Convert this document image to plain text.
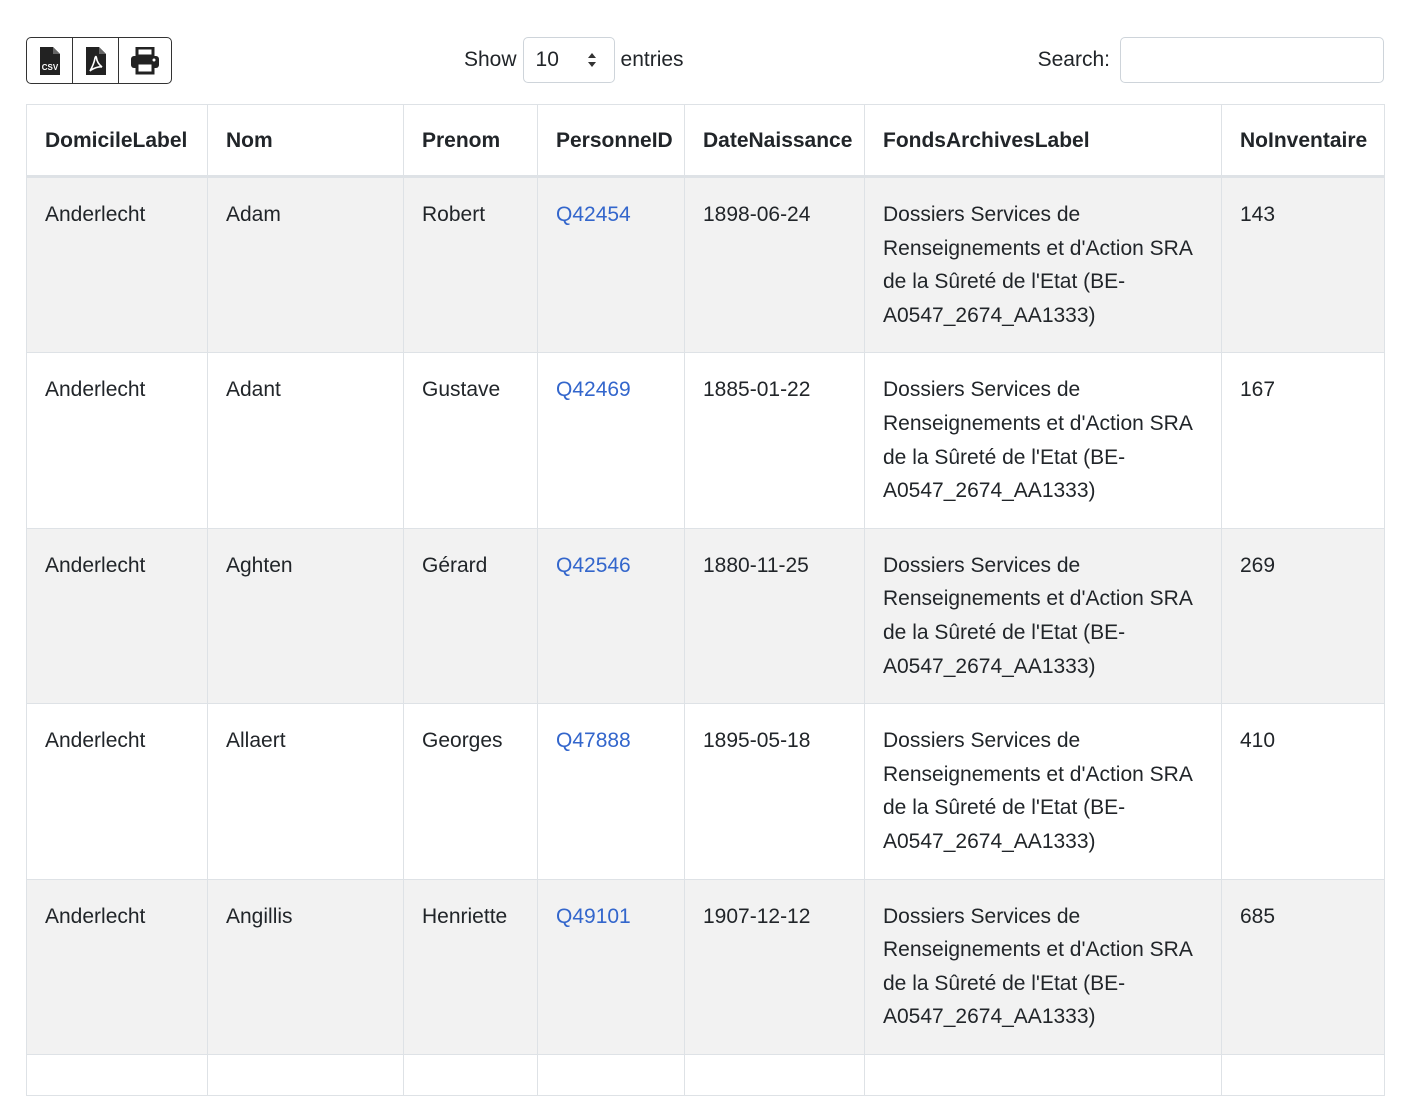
CSV	Show 10	entries	Search:
DomicileLabel	Nom	Prenom	PersonneID	DateNaissance	FondsArchivesLabel	NoInventaire
Anderlecht	Adam	Robert	Q42454	1898-06-24	Dossiers Services de Renseignements et d'Action SRA de la Sûreté de l'Etat (BE-A0547_2674_AA1333)	143
Anderlecht	Adant	Gustave	Q42469	1885-01-22	Dossiers Services de Renseignements et d'Action SRA de la Sûreté de l'Etat (BE-A0547_2674_AA1333)	167
Anderlecht	Aghten	Gérard	Q42546	1880-11-25	Dossiers Services de Renseignements et d'Action SRA de la Sûreté de l'Etat (BE-A0547_2674_AA1333)	269
Anderlecht	Allaert	Georges	Q47888	1895-05-18	Dossiers Services de Renseignements et d'Action SRA de la Sûreté de l'Etat (BE-A0547_2674_AA1333)	410
Anderlecht	Angillis	Henriette	Q49101	1907-12-12	Dossiers Services de Renseignements et d'Action SRA de la Sûreté de l'Etat (BE-A0547_2674_AA1333)	685
